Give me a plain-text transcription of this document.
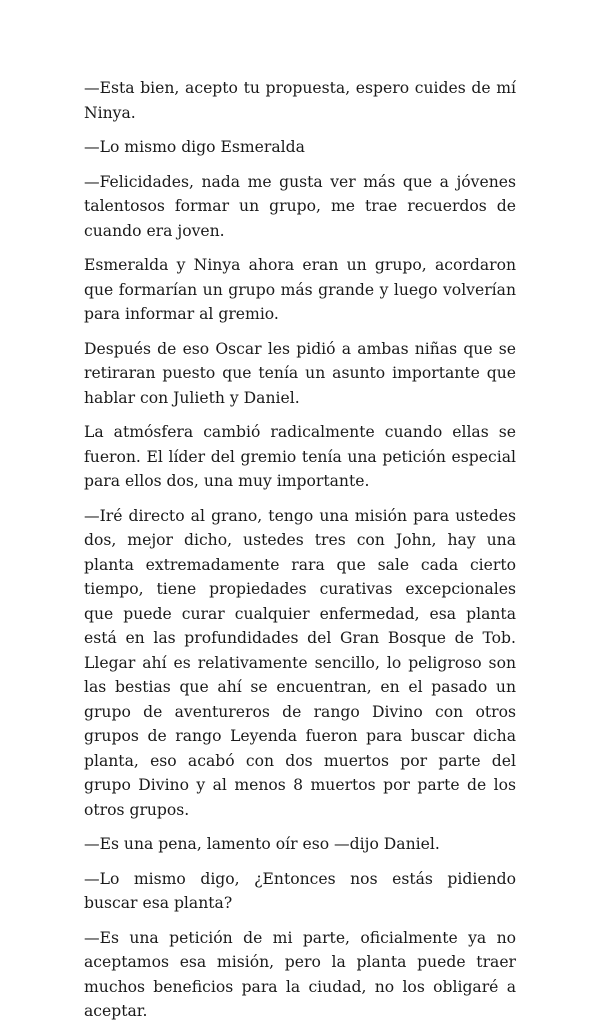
—Esta bien, acepto tu propuesta, espero cuides de mí Ninya.

—Lo mismo digo Esmeralda

—Felicidades, nada me gusta ver más que a jóvenes talentosos formar un grupo, me trae recuerdos de cuando era joven.

Esmeralda y Ninya ahora eran un grupo, acordaron que formarían un grupo más grande y luego volverían para informar al gremio.

Después de eso Oscar les pidió a ambas niñas que se retiraran puesto que tenía un asunto importante que hablar con Julieth y Daniel.

La atmósfera cambió radicalmente cuando ellas se fueron. El líder del gremio tenía una petición especial para ellos dos, una muy importante.

—Iré directo al grano, tengo una misión para ustedes dos, mejor dicho, ustedes tres con John, hay una planta extremadamente rara que sale cada cierto tiempo, tiene propiedades curativas excepcionales que puede curar cualquier enfermedad, esa planta está en las profundidades del Gran Bosque de Tob. Llegar ahí es relativamente sencillo, lo peligroso son las bestias que ahí se encuentran, en el pasado un grupo de aventureros de rango Divino con otros grupos de rango Leyenda fueron para buscar dicha planta, eso acabó con dos muertos por parte del grupo Divino y al menos 8 muertos por parte de los otros grupos.

—Es una pena, lamento oír eso —dijo Daniel.

—Lo mismo digo, ¿Entonces nos estás pidiendo buscar esa planta?

—Es una petición de mi parte, oficialmente ya no aceptamos esa misión, pero la planta puede traer muchos beneficios para la ciudad, no los obligaré a aceptar.
